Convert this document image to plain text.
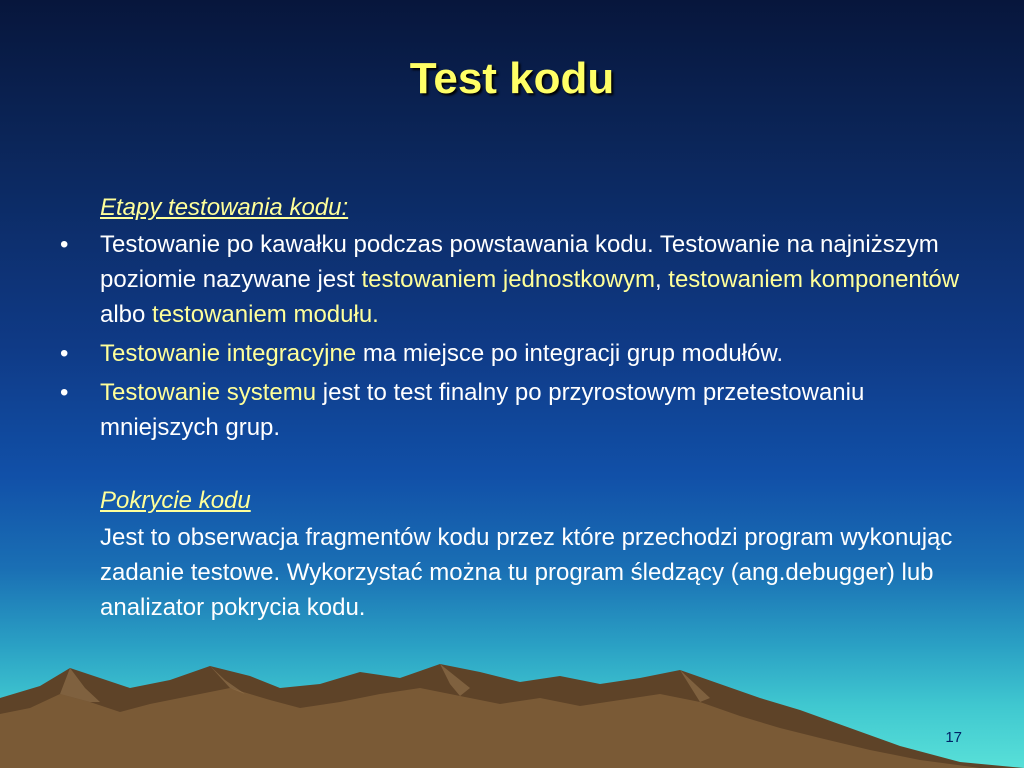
Test kodu
Etapy testowania kodu:
• Testowanie po kawałku podczas powstawania kodu. Testowanie na najniższym poziomie nazywane jest testowaniem jednostkowym, testowaniem komponentów albo testowaniem modułu.
• Testowanie integracyjne ma miejsce po integracji grup modułów.
• Testowanie systemu jest to test finalny po przyrostowym przetestowaniu mniejszych grup.
Pokrycie kodu
Jest to obserwacja fragmentów kodu przez które przechodzi program wykonując zadanie testowe. Wykorzystać można tu program śledzący (ang.debugger) lub analizator pokrycia kodu.
17
